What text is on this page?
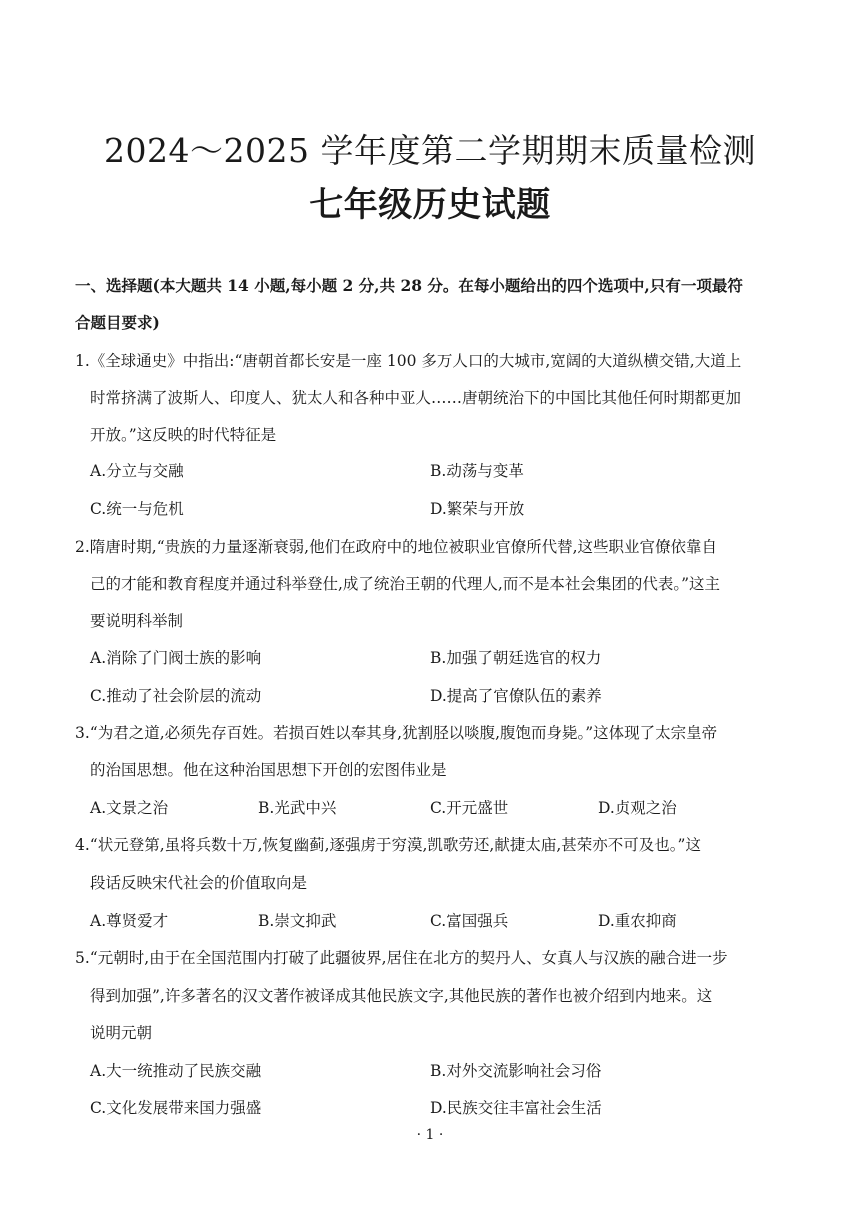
2024～2025 学年度第二学期期末质量检测
七年级历史试题
一、选择题(本大题共 14 小题,每小题 2 分,共 28 分。在每小题给出的四个选项中,只有一项最符
合题目要求)
1.《全球通史》中指出:“唐朝首都长安是一座 100 多万人口的大城市,宽阔的大道纵横交错,大道上
时常挤满了波斯人、印度人、犹太人和各种中亚人……唐朝统治下的中国比其他任何时期都更加
开放。”这反映的时代特征是
A.分立与交融	B.动荡与变革
C.统一与危机	D.繁荣与开放
2.隋唐时期,“贵族的力量逐渐衰弱,他们在政府中的地位被职业官僚所代替,这些职业官僚依靠自
己的才能和教育程度并通过科举登仕,成了统治王朝的代理人,而不是本社会集团的代表。”这主
要说明科举制
A.消除了门阀士族的影响	B.加强了朝廷选官的权力
C.推动了社会阶层的流动	D.提高了官僚队伍的素养
3.“为君之道,必须先存百姓。若损百姓以奉其身,犹割胫以啖腹,腹饱而身毙。”这体现了太宗皇帝
的治国思想。他在这种治国思想下开创的宏图伟业是
A.文景之治	B.光武中兴	C.开元盛世	D.贞观之治
4.“状元登第,虽将兵数十万,恢复幽蓟,逐强虏于穷漠,凯歌劳还,献捷太庙,甚荣亦不可及也。”这
段话反映宋代社会的价值取向是
A.尊贤爱才	B.崇文抑武	C.富国强兵	D.重农抑商
5.“元朝时,由于在全国范围内打破了此疆彼界,居住在北方的契丹人、女真人与汉族的融合进一步
得到加强”,许多著名的汉文著作被译成其他民族文字,其他民族的著作也被介绍到内地来。这
说明元朝
A.大一统推动了民族交融	B.对外交流影响社会习俗
C.文化发展带来国力强盛	D.民族交往丰富社会生活
· 1 ·
